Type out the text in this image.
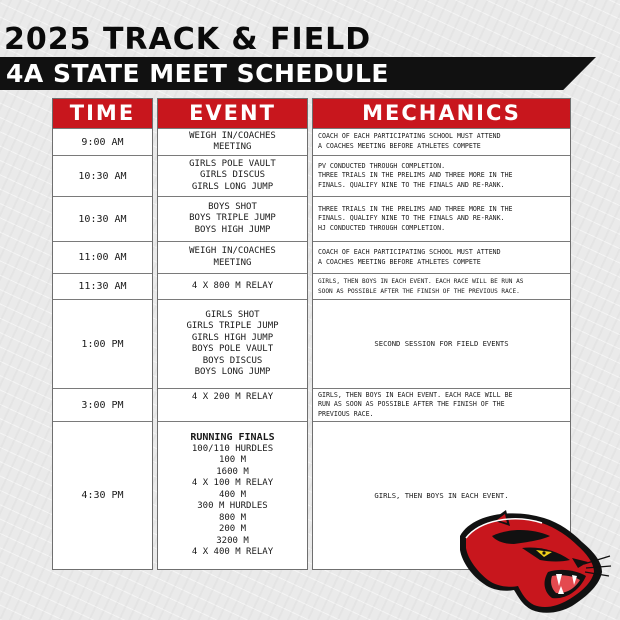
2025 TRACK & FIELD
4A STATE MEET SCHEDULE
TIME
9:00 AM
10:30 AM
10:30 AM
11:00 AM
11:30 AM
1:00 PM
3:00 PM
4:30 PM
EVENT
WEIGH IN/COACHES
MEETING
GIRLS POLE VAULT
GIRLS DISCUS
GIRLS LONG JUMP
BOYS SHOT
BOYS TRIPLE JUMP
BOYS HIGH JUMP
WEIGH IN/COACHES
MEETING
4 X 800 M RELAY
GIRLS SHOT
GIRLS TRIPLE JUMP
GIRLS HIGH JUMP
BOYS POLE VAULT
BOYS DISCUS
BOYS LONG JUMP
4 X 200 M RELAY
RUNNING FINALS
100/110 HURDLES
100 M
1600 M
4 X 100 M RELAY
400 M
300 M HURDLES
800 M
200 M
3200 M
4 X 400 M RELAY
MECHANICS
COACH OF EACH PARTICIPATING SCHOOL MUST ATTEND
A COACHES MEETING BEFORE ATHLETES COMPETE
PV CONDUCTED THROUGH COMPLETION.
THREE TRIALS IN THE PRELIMS AND THREE MORE IN THE
FINALS. QUALIFY NINE TO THE FINALS AND RE-RANK.
THREE TRIALS IN THE PRELIMS AND THREE MORE IN THE
FINALS. QUALIFY NINE TO THE FINALS AND RE-RANK.
HJ CONDUCTED THROUGH COMPLETION.
COACH OF EACH PARTICIPATING SCHOOL MUST ATTEND
A COACHES MEETING BEFORE ATHLETES COMPETE
GIRLS, THEN BOYS IN EACH EVENT. EACH RACE WILL BE RUN AS
SOON AS POSSIBLE AFTER THE FINISH OF THE PREVIOUS RACE.
SECOND SESSION FOR FIELD EVENTS
GIRLS, THEN BOYS IN EACH EVENT. EACH RACE WILL BE
RUN AS SOON AS POSSIBLE AFTER THE FINISH OF THE
PREVIOUS RACE.
GIRLS, THEN BOYS IN EACH EVENT.
